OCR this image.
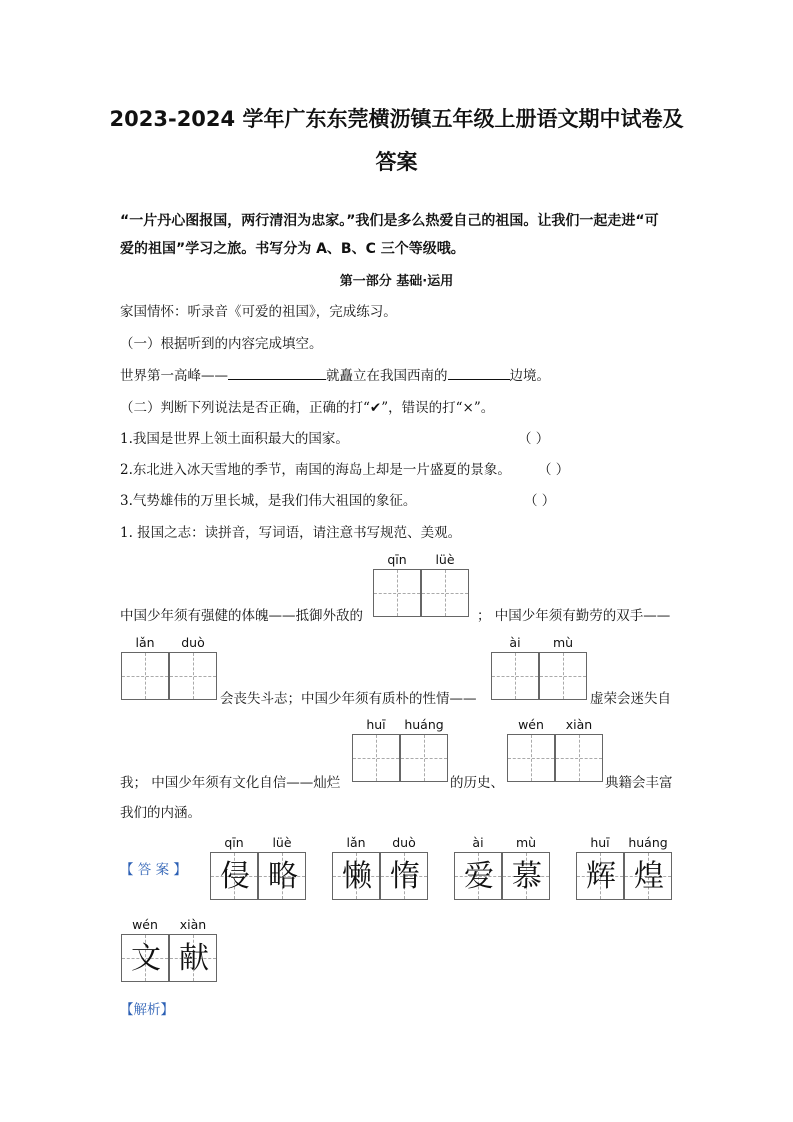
2023-2024 学年广东东莞横沥镇五年级上册语文期中试卷及
答案
“一片丹心图报国，两行清泪为忠家。”我们是多么热爱自己的祖国。让我们一起走进“可
爱的祖国”学习之旅。书写分为 A、B、C 三个等级哦。
第一部分 基础·运用
家国情怀：听录音《可爱的祖国》，完成练习。
（一）根据听到的内容完成填空。
世界第一高峰——	就矗立在我国西南的	边境。
（二）判断下列说法是否正确，正确的打“✔”，错误的打“×”。
1.我国是世界上领土面积最大的国家。	（ ）
2.东北进入冰天雪地的季节，南国的海岛上却是一片盛夏的景象。 （ ）
3.气势雄伟的万里长城，是我们伟大祖国的象征。	（ ）
1. 报国之志：读拼音，写词语，请注意书写规范、美观。
qīn	lüè
中国少年须有强健的体魄——抵御外敌的	； 中国少年须有勤劳的双手——
lǎn	duò	ài	mù
会丧失斗志；中国少年须有质朴的性情——	虚荣会迷失自
huī	huáng	wén	xiàn
我； 中国少年须有文化自信——灿烂	的历史、	典籍会丰富
我们的内涵。
【 答 案 】
qīn	lüè
侵 略
lǎn	duò
懒 惰
ài	mù
爱 慕
huī	huáng
辉 煌
wén	xiàn
文 献
【解析】
